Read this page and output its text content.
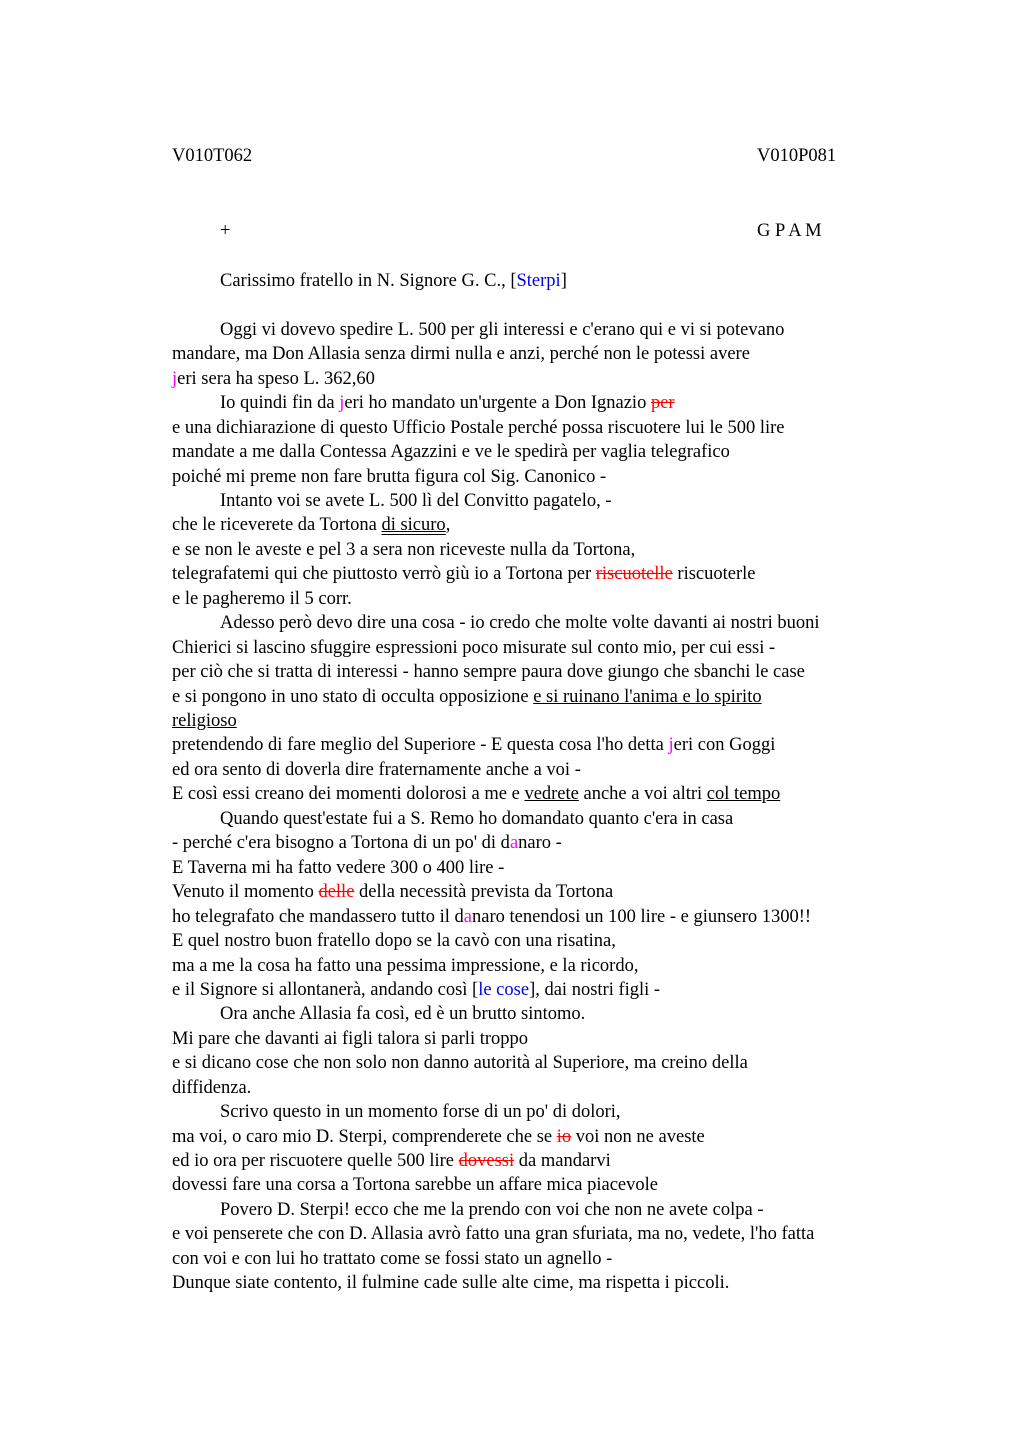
V010T062	V010P081
+	G P A M
Carissimo fratello in N. Signore G. C., [Sterpi]
Oggi vi dovevo spedire L. 500 per gli interessi e c'erano qui e vi si potevano
mandare, ma Don Allasia senza dirmi nulla e anzi, perché non le potessi avere
jeri sera ha speso L. 362,60
Io quindi fin da jeri ho mandato un'urgente a Don Ignazio per
e una dichiarazione di questo Ufficio Postale perché possa riscuotere lui le 500 lire
mandate a me dalla Contessa Agazzini e ve le spedirà per vaglia telegrafico
poiché mi preme non fare brutta figura col Sig. Canonico -
Intanto voi se avete L. 500 lì del Convitto pagatelo, -
che le riceverete da Tortona di sicuro,
e se non le aveste e pel 3 a sera non riceveste nulla da Tortona,
telegrafatemi qui che piuttosto verrò giù io a Tortona per riscuotelle riscuoterle
e le pagheremo il 5 corr.
Adesso però devo dire una cosa - io credo che molte volte davanti ai nostri buoni
Chierici si lascino sfuggire espressioni poco misurate sul conto mio, per cui essi -
per ciò che si tratta di interessi - hanno sempre paura dove giungo che sbanchi le case
e si pongono in uno stato di occulta opposizione e si ruinano l'anima e lo spirito
religioso
pretendendo di fare meglio del Superiore - E questa cosa l'ho detta jeri con Goggi
ed ora sento di doverla dire fraternamente anche a voi -
E così essi creano dei momenti dolorosi a me e vedrete anche a voi altri col tempo
Quando quest'estate fui a S. Remo ho domandato quanto c'era in casa
- perché c'era bisogno a Tortona di un po' di danaro -
E Taverna mi ha fatto vedere 300 o 400 lire -
Venuto il momento delle della necessità prevista da Tortona
ho telegrafato che mandassero tutto il danaro tenendosi un 100 lire - e giunsero 1300!!
E quel nostro buon fratello dopo se la cavò con una risatina,
ma a me la cosa ha fatto una pessima impressione, e la ricordo,
e il Signore si allontanerà, andando così [le cose], dai nostri figli -
Ora anche Allasia fa così, ed è un brutto sintomo.
Mi pare che davanti ai figli talora si parli troppo
e si dicano cose che non solo non danno autorità al Superiore, ma creino della
diffidenza.
Scrivo questo in un momento forse di un po' di dolori,
ma voi, o caro mio D. Sterpi, comprenderete che se io voi non ne aveste
ed io ora per riscuotere quelle 500 lire dovessi da mandarvi
dovessi fare una corsa a Tortona sarebbe un affare mica piacevole
Povero D. Sterpi! ecco che me la prendo con voi che non ne avete colpa -
e voi penserete che con D. Allasia avrò fatto una gran sfuriata, ma no, vedete, l'ho fatta
con voi e con lui ho trattato come se fossi stato un agnello -
Dunque siate contento, il fulmine cade sulle alte cime, ma rispetta i piccoli.
